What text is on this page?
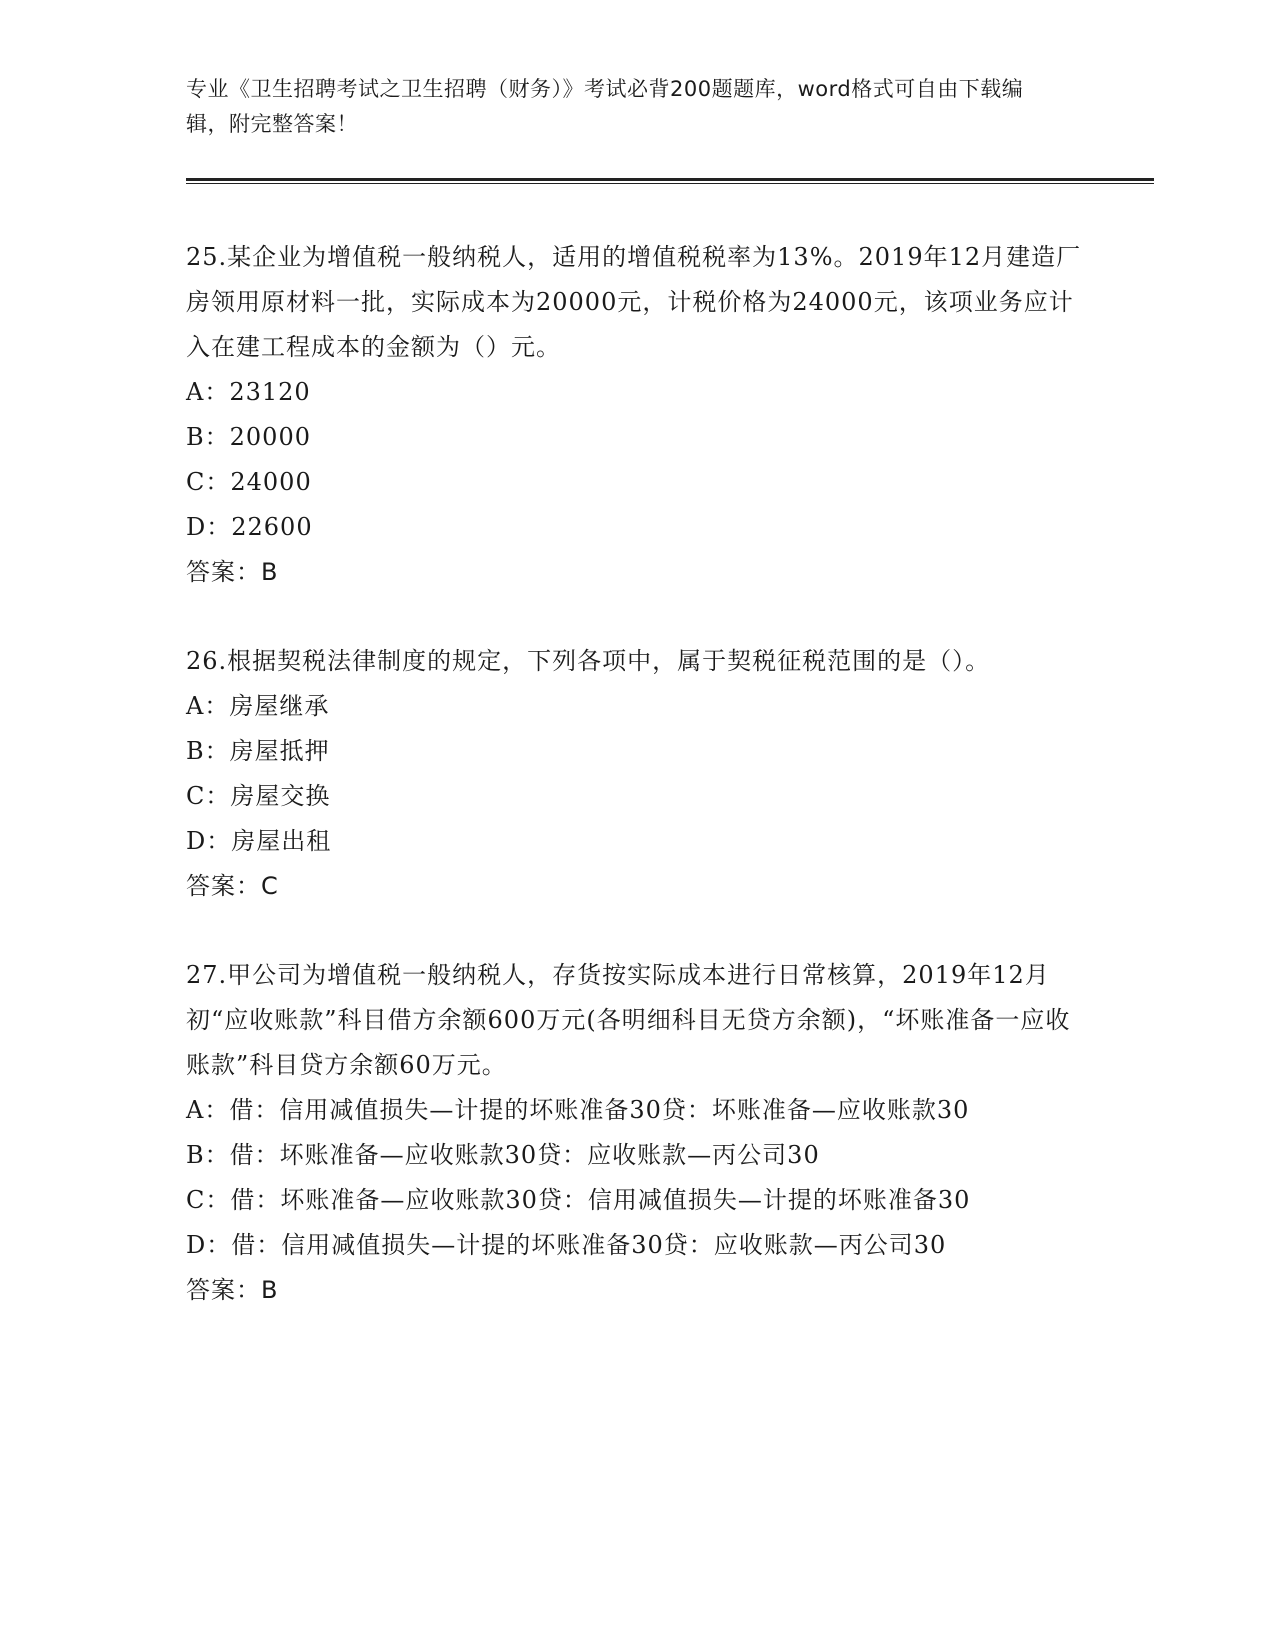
专业《卫生招聘考试之卫生招聘（财务）》考试必背200题题库，word格式可自由下载编辑，附完整答案！

25.某企业为增值税一般纳税人，适用的增值税税率为13%。2019年12月建造厂房领用原材料一批，实际成本为20000元，计税价格为24000元，该项业务应计入在建工程成本的金额为（）元。

A：23120

B：20000

C：24000

D：22600

答案：B

26.根据契税法律制度的规定，下列各项中，属于契税征税范围的是（）。

A：房屋继承

B：房屋抵押

C：房屋交换

D：房屋出租

答案：C

27.甲公司为增值税一般纳税人，存货按实际成本进行日常核算，2019年12月初“应收账款”科目借方余额600万元(各明细科目无贷方余额)，“坏账准备一应收账款”科目贷方余额60万元。

A：借：信用减值损失—计提的坏账准备30贷：坏账准备—应收账款30

B：借：坏账准备—应收账款30贷：应收账款—丙公司30

C：借：坏账准备—应收账款30贷：信用减值损失—计提的坏账准备30

D：借：信用减值损失—计提的坏账准备30贷：应收账款—丙公司30

答案：B
